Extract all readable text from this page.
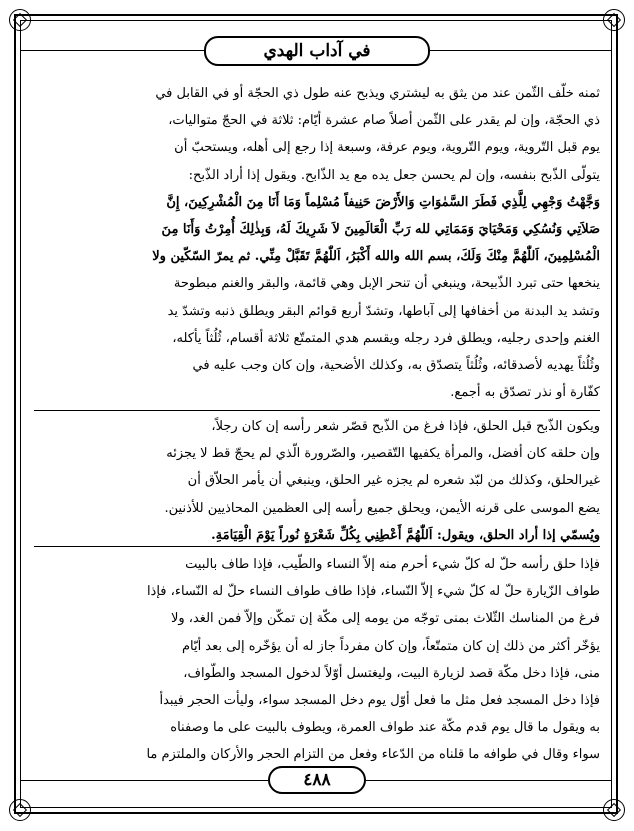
في آداب الهدي
ثمنه خلّف الثّمن عند من يثق به ليشتري ويذبح عنه طول ذي الحجّة أو في القابل في
ذي الحجّة، وإن لم يقدر على الثّمن أصلاً صام عشرة أيّام: ثلاثة في الحجّ متواليات،
يوم قبل التّروية، ويوم التّروية، ويوم عرفة، وسبعة إذا رجع إلى أهله، ويستحبّ أن
يتولّى الذّبح بنفسه، وإن لم يحسن جعل يده مع يد الذّابح. ويقول إذا أراد الذّبح:
وَجَّهْتُ وَجْهِي لِلَّذِي فَطَرَ السَّمٰوَاتِ وَالأَرْضَ حَنِيفاً مُسْلِماً وَمَا أَنَا مِنَ الْمُشْرِكِينَ، إِنَّ
صَلاَتِي وَنُسُكِي وَمَحْيَايَ وَمَمَاتِي لله رَبِّ الْعَالَمِينَ لاَ شَرِيكَ لَهُ، وَبِذٰلِكَ أُمِرْتُ وَأَنَا مِنَ
الْمُسْلِمِينَ، اَللّٰهُمَّ مِنْكَ وَلَكَ، بسم الله والله أَكْبَرُ، اَللّٰهُمَّ تَقَبَّلْ مِنِّي. ثم يمرّ السّكّين ولا
ينخعها حتى تبرد الذّبيحة، وينبغي أن تنحر الإبل وهي قائمة، والبقر والغنم مبطوحة
وتشد يد البدنة من أخفافها إلى آباطها، وتشدّ أربع قوائم البقر ويطلق ذنبه وتشدّ يد
الغنم وإحدى رجليه، ويطلق فرد رجله ويقسم هدي المتمتّع ثلاثة أقسام، ثُلُثاً يأكله،
وثُلُثاً يهديه لأصدقائه، وثُلُثاً يتصدّق به، وكذلك الأضحية، وإن كان وجب عليه في
كفّارة أو نذر تصدّق به أجمع.
ويكون الذّبح قبل الحلق، فإذا فرغ من الذّبح قصّر شعر رأسه إن كان رجلاً،
وإن حلقه كان أفضل، والمرأة يكفيها التّقصير، والصّرورة الّذي لم يحجّ قط لا يجزئه
غيرالحلق، وكذلك من لبّد شعره لم يجزه غير الحلق، وينبغي أن يأمر الحلاّق أن
يضع الموسى على قرنه الأيمن، ويحلق جميع رأسه إلى العظمين المحاذيين للأذنين.
ويُسمّي إذا أراد الحلق، ويقول: اَللّٰهُمَّ أَعْطِنِي بِكُلِّ شَعْرَةٍ نُوراً يَوْمَ الْقِيَامَةِ.
فإذا حلق رأسه حلّ له كلّ شيء أحرم منه إلاّ النساء والطّيب، فإذا طاف بالبيت
طواف الزّيارة حلّ له كلّ شيء إلاّ النّساء، فإذا طاف طواف النساء حلّ له النّساء، فإذا
فرغ من المناسك الثّلاث بمنى توجّه من يومه إلى مكّة إن تمكّن وإلاّ فمن الغد، ولا
يؤخّر أكثر من ذلك إن كان متمتّعاً، وإن كان مفرداً جاز له أن يؤخّره إلى بعد أيّام
منى، فإذا دخل مكّة قصد لزيارة البيت، وليغتسل أوّلاً لدخول المسجد والطّواف،
فإذا دخل المسجد فعل مثل ما فعل أوّل يوم دخل المسجد سواء، وليأت الحجر فيبدأ
به ويقول ما قال يوم قدم مكّة عند طواف العمرة، ويطوف بالبيت على ما وصفناه
سواء وقال في طوافه ما قلناه من الدّعاء وفعل من التزام الحجر والأركان والملتزم ما
٤٨٨
